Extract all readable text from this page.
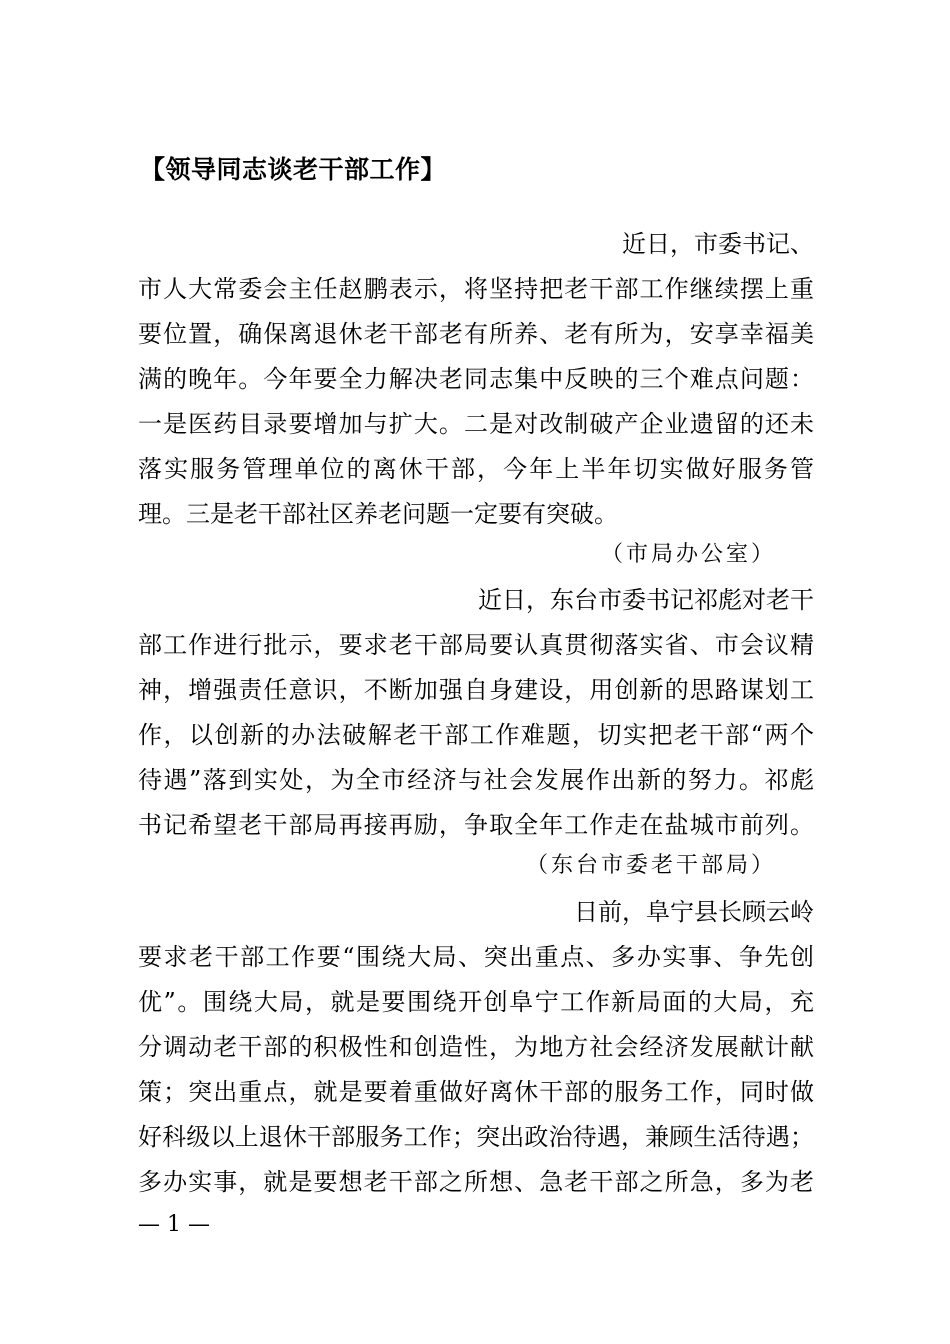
【领导同志谈老干部工作】
近日，市委书记、
市人大常委会主任赵鹏表示，将坚持把老干部工作继续摆上重
要位置，确保离退休老干部老有所养、老有所为，安享幸福美
满的晚年。今年要全力解决老同志集中反映的三个难点问题：
一是医药目录要增加与扩大。二是对改制破产企业遗留的还未
落实服务管理单位的离休干部，今年上半年切实做好服务管
理。三是老干部社区养老问题一定要有突破。
（市局办公室）
近日，东台市委书记祁彪对老干
部工作进行批示，要求老干部局要认真贯彻落实省、市会议精
神，增强责任意识，不断加强自身建设，用创新的思路谋划工
作，以创新的办法破解老干部工作难题，切实把老干部“两个
待遇”落到实处，为全市经济与社会发展作出新的努力。祁彪
书记希望老干部局再接再励，争取全年工作走在盐城市前列。
（东台市委老干部局）
日前，阜宁县长顾云岭
要求老干部工作要“围绕大局、突出重点、多办实事、争先创
优”。围绕大局，就是要围绕开创阜宁工作新局面的大局，充
分调动老干部的积极性和创造性，为地方社会经济发展献计献
策；突出重点，就是要着重做好离休干部的服务工作，同时做
好科级以上退休干部服务工作；突出政治待遇，兼顾生活待遇；
多办实事，就是要想老干部之所想、急老干部之所急，多为老
— 1 —
